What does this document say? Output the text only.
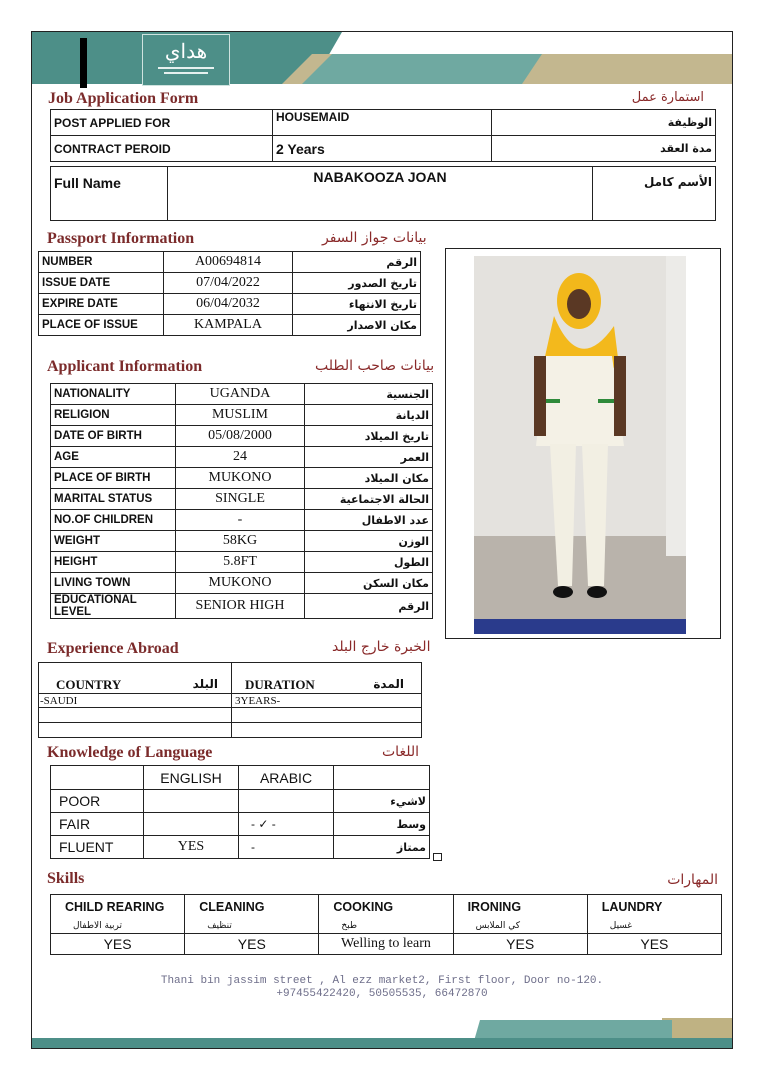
هداي
Job Application Form	استمارة عمل
POST APPLIED FOR	HOUSEMAID	الوظيفة
CONTRACT PEROID	2 Years	مدة العقد
Full Name	NABAKOOZA JOAN	الأسم كامل
Passport Information	بيانات جواز السفر
NUMBER	A00694814	الرقم
ISSUE DATE	07/04/2022	تاريخ الصدور
EXPIRE DATE	06/04/2032	تاريخ الانتهاء
PLACE OF ISSUE	KAMPALA	مكان الاصدار
Applicant Information	بيانات صاحب الطلب
NATIONALITY	UGANDA	الجنسية
RELIGION	MUSLIM	الديانة
DATE OF BIRTH	05/08/2000	تاريخ الميلاد
AGE	24	العمر
PLACE OF BIRTH	MUKONO	مكان الميلاد
MARITAL STATUS	SINGLE	الحالة الاجتماعية
NO.OF CHILDREN	-	عدد الاطفال
WEIGHT	58KG	الوزن
HEIGHT	5.8FT	الطول
LIVING TOWN	MUKONO	مكان السكن
EDUCATIONAL LEVEL	SENIOR HIGH	الرقم
Experience Abroad	الخبرة خارج البلد
COUNTRY البلد	DURATION المدة

-SAUDI	3YEARS-

Knowledge of Language	اللغات
	ENGLISH	ARABIC	
POOR			لاشيء
FAIR		- ✓ -	وسط
FLUENT	YES	-	ممتاز
Skills	المهارات
CHILD REARING	CLEANING	COOKING	IRONING	LAUNDRY
تربية الاطفال	تنظيف	طبخ	كي الملابس	غسيل
YES	YES	Welling to learn	YES	YES
Thani bin jassim street , Al ezz market2, First floor, Door no-120.
+97455422420, 50505535, 66472870
